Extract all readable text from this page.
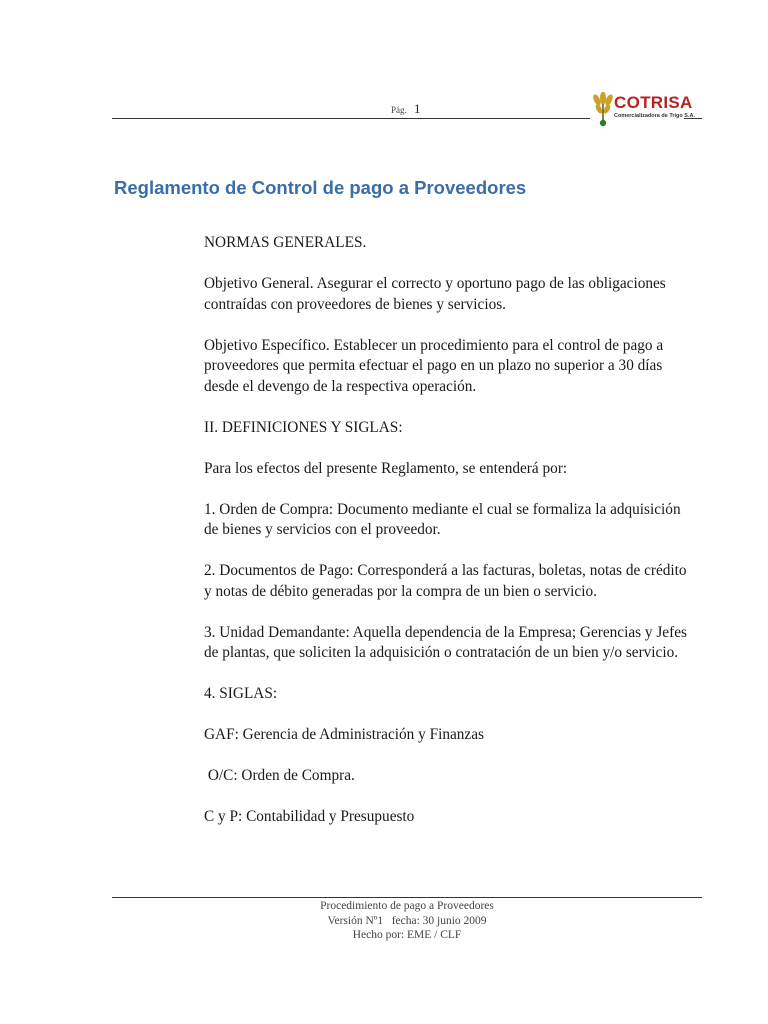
Pág. 1	COTRISA
Comercializadora de Trigo S.A.
Reglamento de Control de pago a Proveedores

NORMAS GENERALES.

Objetivo General. Asegurar el correcto y oportuno pago de las obligaciones contraídas con proveedores de bienes y servicios.

Objetivo Específico. Establecer un procedimiento para el control de pago a proveedores que permita efectuar el pago en un plazo no superior a 30 días desde el devengo de la respectiva operación.

II. DEFINICIONES Y SIGLAS:

Para los efectos del presente Reglamento, se entenderá por:

1. Orden de Compra: Documento mediante el cual se formaliza la adquisición de bienes y servicios con el proveedor.

2. Documentos de Pago: Corresponderá a las facturas, boletas, notas de crédito y notas de débito generadas por la compra de un bien o servicio.

3. Unidad Demandante: Aquella dependencia de la Empresa; Gerencias y Jefes de plantas, que soliciten la adquisición o contratación de un bien y/o servicio.

4. SIGLAS:

GAF: Gerencia de Administración y Finanzas

O/C: Orden de Compra.

C y P: Contabilidad y Presupuesto

Procedimiento de pago a Proveedores
Versión Nº1   fecha: 30 junio 2009
Hecho por: EME / CLF
